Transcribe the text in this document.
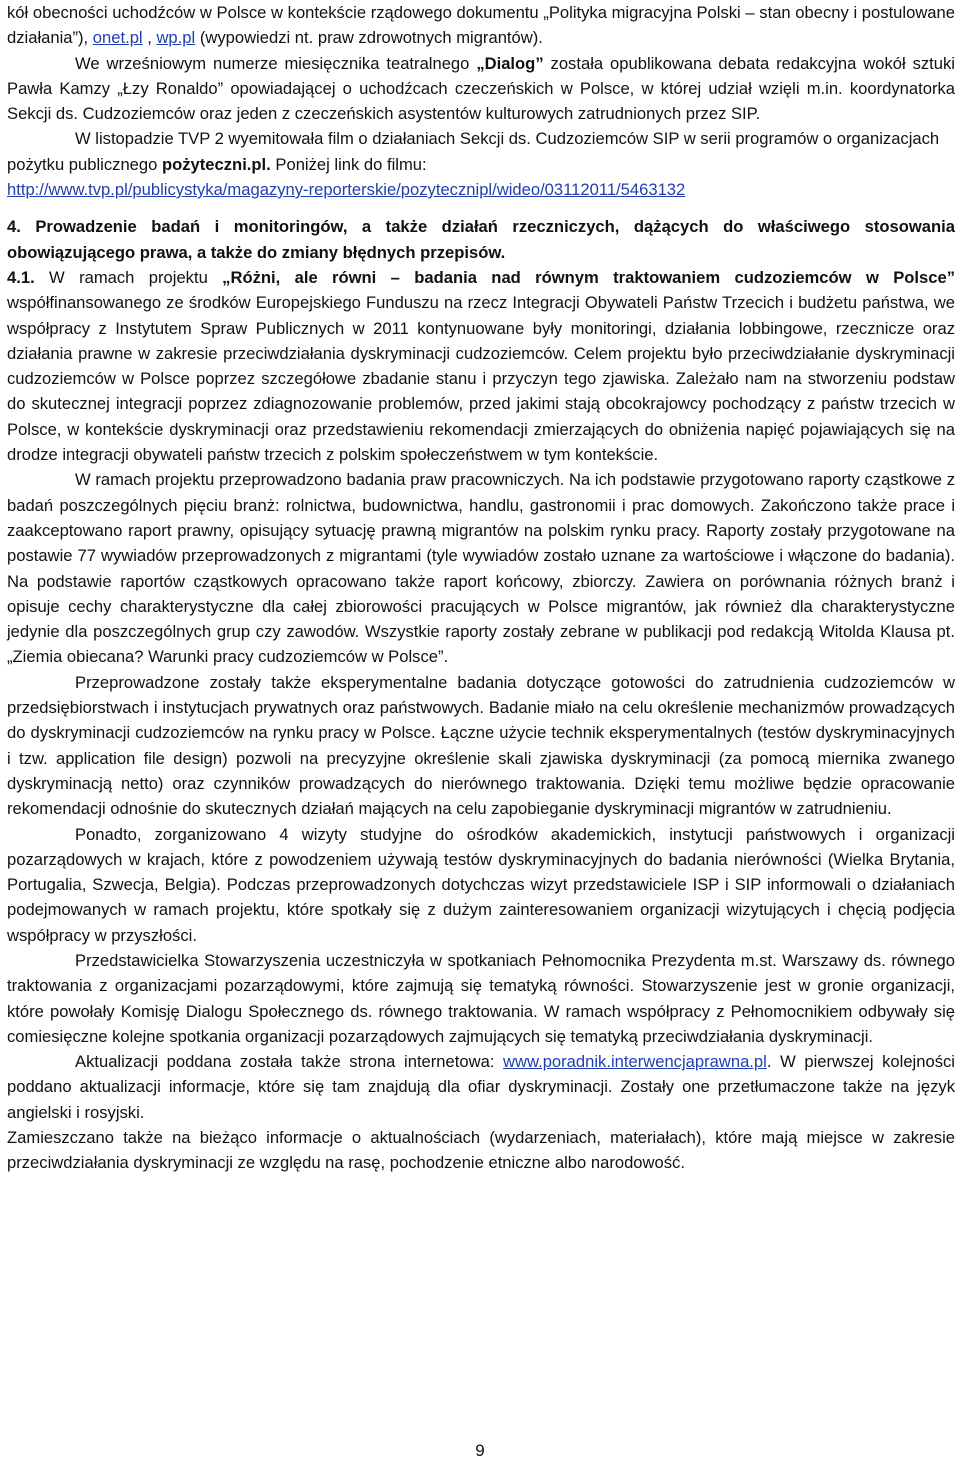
kół obecności uchodźców w Polsce w kontekście rządowego dokumentu „Polityka migracyjna Polski – stan obecny i postulowane działania”), onet.pl , wp.pl (wypowiedzi nt. praw zdrowotnych migrantów).

We wrześniowym numerze miesięcznika teatralnego „Dialog” została opublikowana debata redakcyjna wokół sztuki Pawła Kamzy „Łzy Ronaldo” opowiadającej o uchodźcach czeczeńskich w Polsce, w której udział wzięli m.in. koordynatorka Sekcji ds. Cudzoziemców oraz jeden z czeczeńskich asystentów kulturowych zatrudnionych przez SIP.

W listopadzie TVP 2 wyemitowała film o działaniach Sekcji ds. Cudzoziemców SIP w serii programów o organizacjach pożytku publicznego pożyteczni.pl. Poniżej link do filmu:
http://www.tvp.pl/publicystyka/magazyny-reporterskie/pozytecznipl/wideo/03112011/5463132

4. Prowadzenie badań i monitoringów, a także działań rzeczniczych, dążących do właściwego stosowania obowiązującego prawa, a także do zmiany błędnych przepisów.

4.1. W ramach projektu „Różni, ale równi – badania nad równym traktowaniem cudzoziemców w Polsce” współfinansowanego ze środków Europejskiego Funduszu na rzecz Integracji Obywateli Państw Trzecich i budżetu państwa, we współpracy z Instytutem Spraw Publicznych w 2011 kontynuowane były monitoringi, działania lobbingowe, rzecznicze oraz działania prawne w zakresie przeciwdziałania dyskryminacji cudzoziemców. Celem projektu było przeciwdziałanie dyskryminacji cudzoziemców w Polsce poprzez szczegółowe zbadanie stanu i przyczyn tego zjawiska. Zależało nam na stworzeniu podstaw do skutecznej integracji poprzez zdiagnozowanie problemów, przed jakimi stają obcokrajowcy pochodzący z państw trzecich w Polsce, w kontekście dyskryminacji oraz przedstawieniu rekomendacji zmierzających do obniżenia napięć pojawiających się na drodze integracji obywateli państw trzecich z polskim społeczeństwem w tym kontekście.

W ramach projektu przeprowadzono badania praw pracowniczych. Na ich podstawie przygotowano raporty cząstkowe z badań poszczególnych pięciu branż: rolnictwa, budownictwa, handlu, gastronomii i prac domowych. Zakończono także prace i zaakceptowano raport prawny, opisujący sytuację prawną migrantów na polskim rynku pracy. Raporty zostały przygotowane na postawie 77 wywiadów przeprowadzonych z migrantami (tyle wywiadów zostało uznane za wartościowe i włączone do badania). Na podstawie raportów cząstkowych opracowano także raport końcowy, zbiorczy. Zawiera on porównania różnych branż i opisuje cechy charakterystyczne dla całej zbiorowości pracujących w Polsce migrantów, jak również dla charakterystyczne jedynie dla poszczególnych grup czy zawodów. Wszystkie raporty zostały zebrane w publikacji pod redakcją Witolda Klausa pt. „Ziemia obiecana? Warunki pracy cudzoziemców w Polsce”.

Przeprowadzone zostały także eksperymentalne badania dotyczące gotowości do zatrudnienia cudzoziemców w przedsiębiorstwach i instytucjach prywatnych oraz państwowych. Badanie miało na celu określenie mechanizmów prowadzących do dyskryminacji cudzoziemców na rynku pracy w Polsce. Łączne użycie technik eksperymentalnych (testów dyskryminacyjnych i tzw. application file design) pozwoli na precyzyjne określenie skali zjawiska dyskryminacji (za pomocą miernika zwanego dyskryminacją netto) oraz czynników prowadzących do nierównego traktowania. Dzięki temu możliwe będzie opracowanie rekomendacji odnośnie do skutecznych działań mających na celu zapobieganie dyskryminacji migrantów w zatrudnieniu.

Ponadto, zorganizowano 4 wizyty studyjne do ośrodków akademickich, instytucji państwowych i organizacji pozarządowych w krajach, które z powodzeniem używają testów dyskryminacyjnych do badania nierówności (Wielka Brytania, Portugalia, Szwecja, Belgia). Podczas przeprowadzonych dotychczas wizyt przedstawiciele ISP i SIP informowali o działaniach podejmowanych w ramach projektu, które spotkały się z dużym zainteresowaniem organizacji wizytujących i chęcią podjęcia współpracy w przyszłości.

Przedstawicielka Stowarzyszenia uczestniczyła w spotkaniach Pełnomocnika Prezydenta m.st. Warszawy ds. równego traktowania z organizacjami pozarządowymi, które zajmują się tematyką równości. Stowarzyszenie jest w gronie organizacji, które powołały Komisję Dialogu Społecznego ds. równego traktowania. W ramach współpracy z Pełnomocnikiem odbywały się comiesięczne kolejne spotkania organizacji pozarządowych zajmujących się tematyką przeciwdziałania dyskryminacji.

Aktualizacji poddana została także strona internetowa: www.poradnik.interwencjaprawna.pl. W pierwszej kolejności poddano aktualizacji informacje, które się tam znajdują dla ofiar dyskryminacji. Zostały one przetłumaczone także na język angielski i rosyjski.

Zamieszczano także na bieżąco informacje o aktualnościach (wydarzeniach, materiałach), które mają miejsce w zakresie przeciwdziałania dyskryminacji ze względu na rasę, pochodzenie etniczne albo narodowość.

9
